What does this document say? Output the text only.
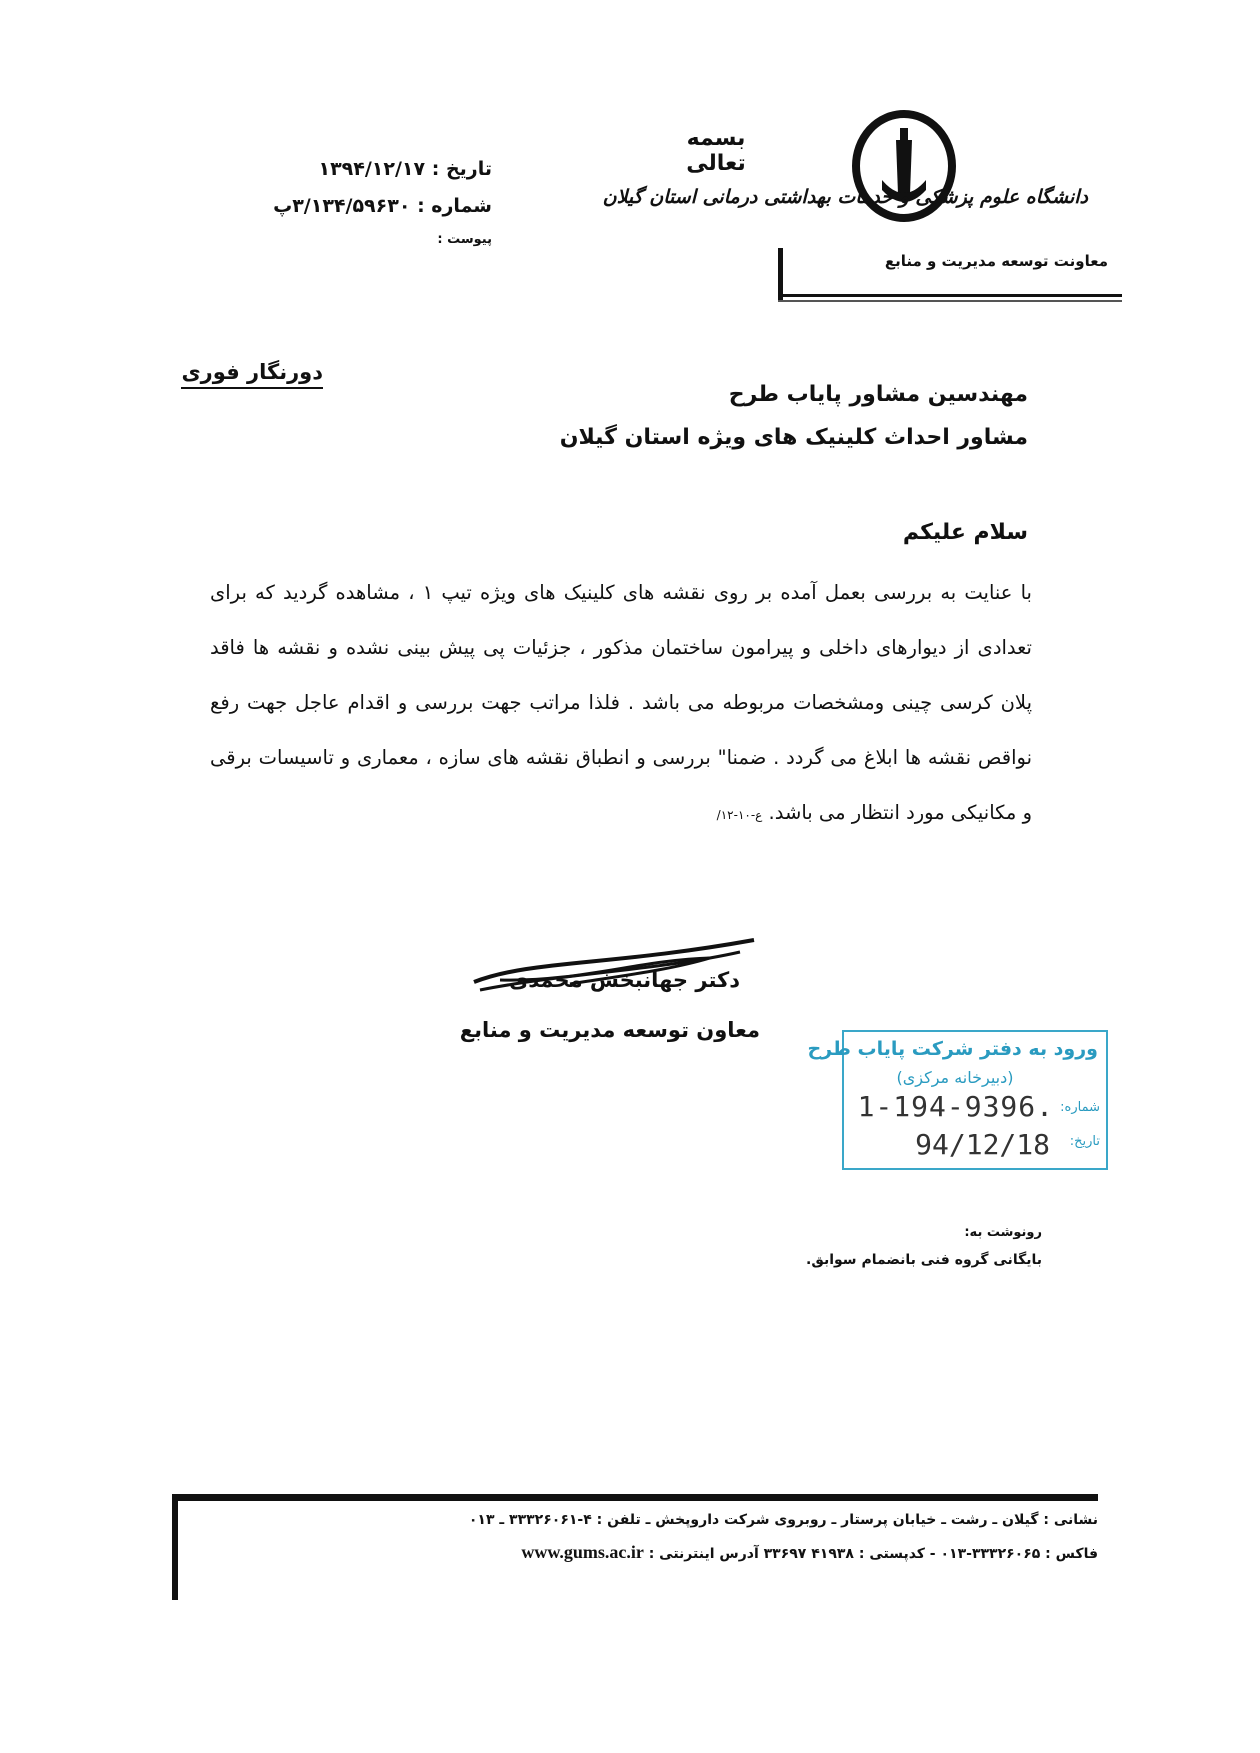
بسمه تعالی
دانشگاه علوم پزشکی و خدمات بهداشتی درمانی استان گیلان
معاونت توسعه مدیریت و منابع
تاریخ : ۱۳۹۴/۱۲/۱۷
شماره : ۳/۱۳۴/۵۹۶۳۰پ
پیوست :
دورنگار فوری
مهندسین مشاور پایاب طرح
مشاور احداث کلینیک های ویژه استان گیلان
سلام علیکم
با عنایت به بررسی بعمل آمده بر روی نقشه های کلینیک های ویژه تیپ ۱ ، مشاهده گردید که برای تعدادی از دیوارهای داخلی و پیرامون ساختمان مذکور ، جزئیات پی پیش بینی نشده و نقشه ها فاقد پلان کرسی چینی ومشخصات مربوطه می باشد . فلذا مراتب جهت بررسی و اقدام عاجل جهت رفع نواقص نقشه ها ابلاغ می گردد . ضمنا" بررسی و انطباق نقشه های سازه ، معماری و تاسیسات برقی و مکانیکی مورد انتظار می باشد. ع-۱۰-۱۲/
دکتر جهانبخش محمدی
معاون توسعه مدیریت و منابع
ورود به دفتر شرکت پایاب طرح
(دبیرخانه مرکزی)
شماره:
1-194-9396.
تاریخ:
94/12/18
رونوشت به:
بایگانی گروه فنی بانضمام سوابق.
نشانی : گیلان ـ رشت ـ خیابان پرستار ـ روبروی شرکت داروپخش ـ تلفن : ۴-۳۳۳۲۶۰۶۱ ـ ۰۱۳
فاکس : ۳۳۳۲۶۰۶۵-۰۱۳ - کدپستی : ۴۱۹۳۸ ۳۳۶۹۷ آدرس اینترنتی : www.gums.ac.ir
